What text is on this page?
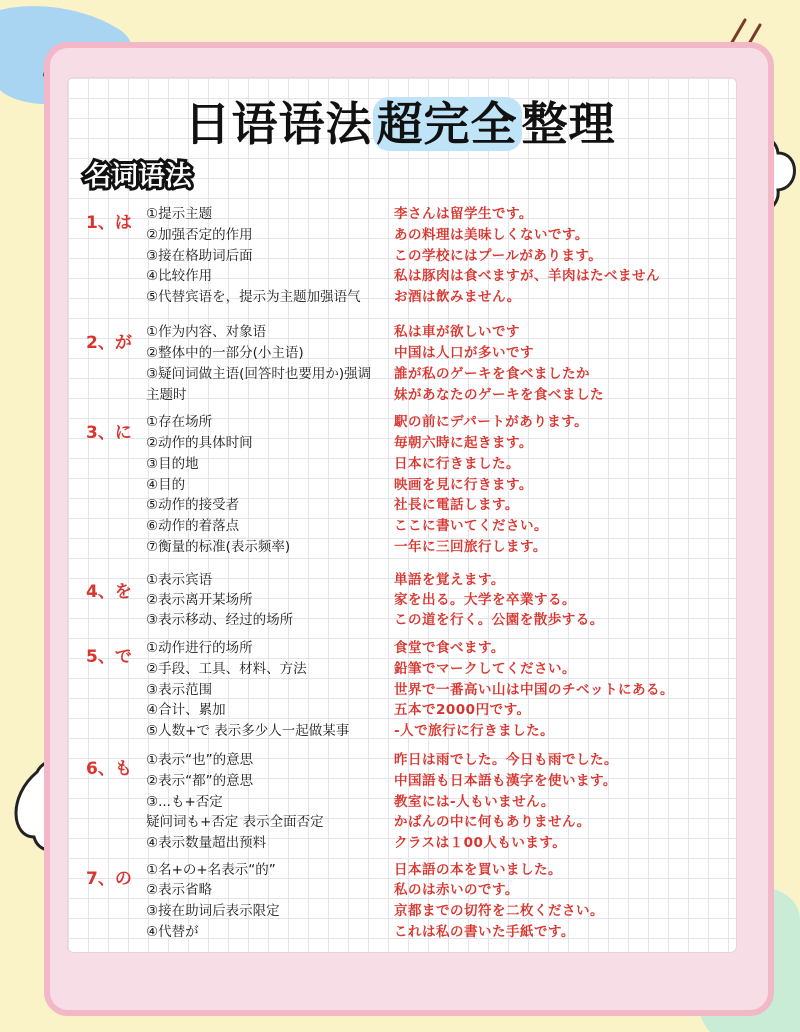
日语语法超完全整理
名词语法
1、は ①提示主题	李さんは留学生です。
②加强否定的作用	あの料理は美味しくないです。
③接在格助词后面	この学校にはプールがあります。
④比较作用	私は豚肉は食べますが、羊肉はたべません
⑤代替宾语を，提示为主题加强语气 お酒は飲みません。
2、が
①作为内容、对象语	私は車が欲しいです
②整体中的一部分(小主语)	中国は人口が多いです
③疑问词做主语(回答时也要用か)强调 誰が私のゲーキを食べましたか
主题时	妹があなたのゲーキを食べました
3、に
①存在场所	駅の前にデパートがあります。
②动作的具体时间	毎朝六時に起きます。
③目的地	日本に行きました。
④目的	映画を見に行きます。
⑤动作的接受者	社長に電話します。
⑥动作的着落点	ここに書いてください。
⑦衡量的标准(表示频率)	一年に三回旅行します。
4、を
①表示宾语	単語を覚えます。
②表示离开某场所	家を出る。大学を卒業する。
③表示移动、经过的场所	この道を行く。公園を散歩する。
5、で ①动作进行的场所	食堂で食べます。
②手段、工具、材料、方法	鉛筆でマークしてください。
③表示范围	世界で一番高い山は中国のチベットにある。
④合计、累加	五本で2000円です。
⑤人数+で 表示多少人一起做某事	-人で旅行に行きました。
6、も ①表示“也”的意思	昨日は雨でした。今日も雨でした。
②表示“都”的意思	中国語も日本語も漢字を使います。
③...も+否定	教室には-人もいません。
疑问词も+否定 表示全面否定	かばんの中に何もありません。
④表示数量超出预料	クラスは１00人もいます。
7、の ①名+の+名表示“的”	日本語の本を買いました。
②表示省略	私のは赤いのです。
③接在助词后表示限定	京都までの切符を二枚ください。
④代替が	これは私の書いた手紙です。
